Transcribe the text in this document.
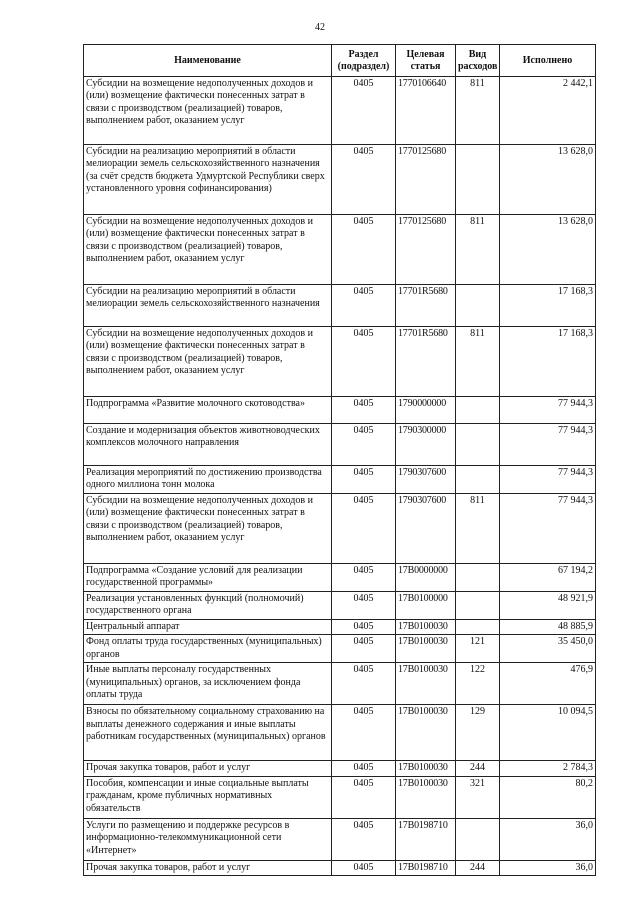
42
Наименование	Раздел (подраздел)	Целевая статья	Вид расходов	Исполнено
Субсидии на возмещение недополученных доходов и (или) возмещение фактически понесенных затрат в связи с производством (реализацией) товаров, выполнением работ, оказанием услуг	0405	1770106640	811	2 442,1
Субсидии на реализацию мероприятий в области мелиорации земель сельскохозяйственного назначения (за счёт средств бюджета Удмуртской Республики сверх установленного уровня софинансирования)	0405	1770125680		13 628,0
Субсидии на возмещение недополученных доходов и (или) возмещение фактически понесенных затрат в связи с производством (реализацией) товаров, выполнением работ, оказанием услуг	0405	1770125680	811	13 628,0
Субсидии на реализацию мероприятий в области мелиорации земель сельскохозяйственного назначения	0405	17701R5680		17 168,3
Субсидии на возмещение недополученных доходов и (или) возмещение фактически понесенных затрат в связи с производством (реализацией) товаров, выполнением работ, оказанием услуг	0405	17701R5680	811	17 168,3
Подпрограмма «Развитие молочного скотоводства»	0405	1790000000		77 944,3
Создание и модернизация объектов животноводческих комплексов молочного направления	0405	1790300000		77 944,3
Реализация мероприятий по достижению производства одного миллиона тонн молока	0405	1790307600		77 944,3
Субсидии на возмещение недополученных доходов и (или) возмещение фактически понесенных затрат в связи с производством (реализацией) товаров, выполнением работ, оказанием услуг	0405	1790307600	811	77 944,3
Подпрограмма «Создание условий для реализации государственной программы»	0405	17В0000000		67 194,2
Реализация установленных функций (полномочий) государственного органа	0405	17В0100000		48 921,9
Центральный аппарат	0405	17В0100030		48 885,9
Фонд оплаты труда государственных (муниципальных) органов	0405	17В0100030	121	35 450,0
Иные выплаты персоналу государственных (муниципальных) органов, за исключением фонда оплаты труда	0405	17В0100030	122	476,9
Взносы по обязательному социальному страхованию на выплаты денежного содержания и иные выплаты работникам государственных (муниципальных) органов	0405	17В0100030	129	10 094,5
Прочая закупка товаров, работ и услуг	0405	17В0100030	244	2 784,3
Пособия, компенсации и иные социальные выплаты гражданам, кроме публичных нормативных обязательств	0405	17В0100030	321	80,2
Услуги по размещению и поддержке ресурсов в информационно-телекоммуникационной сети «Интернет»	0405	17В0198710		36,0
Прочая закупка товаров, работ и услуг	0405	17В0198710	244	36,0
